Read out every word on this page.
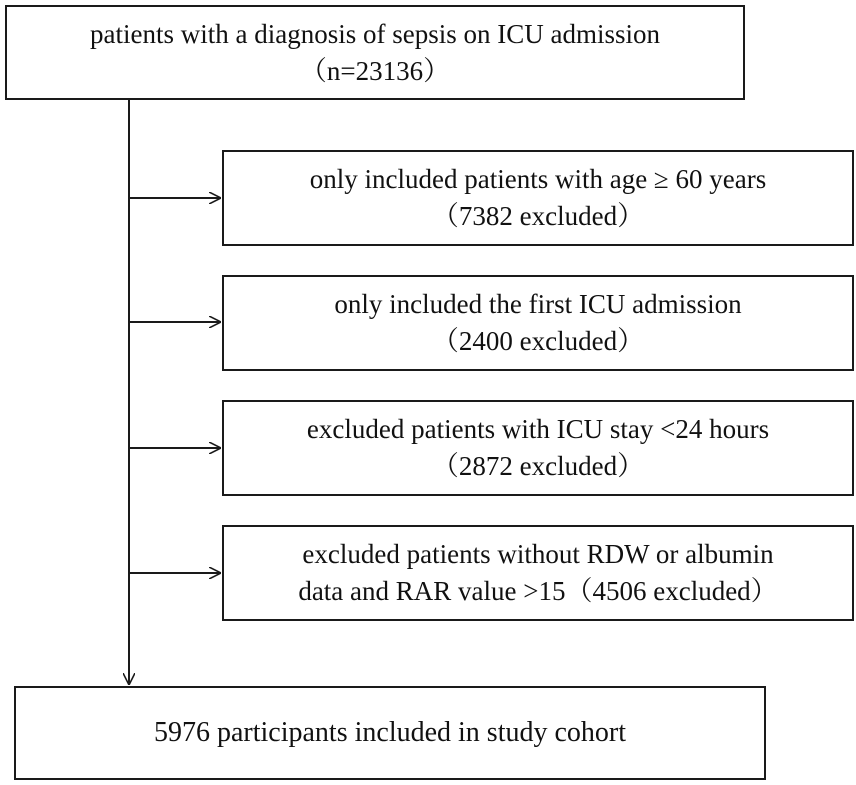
patients with a diagnosis of sepsis on ICU admission
（n=23136）
only included patients with age ≥ 60 years
（7382 excluded）
only included the first ICU admission
（2400 excluded）
excluded patients with ICU stay <24 hours
（2872 excluded）
excluded patients without RDW or albumin
data and RAR value >15（4506 excluded）
5976 participants included in study cohort
